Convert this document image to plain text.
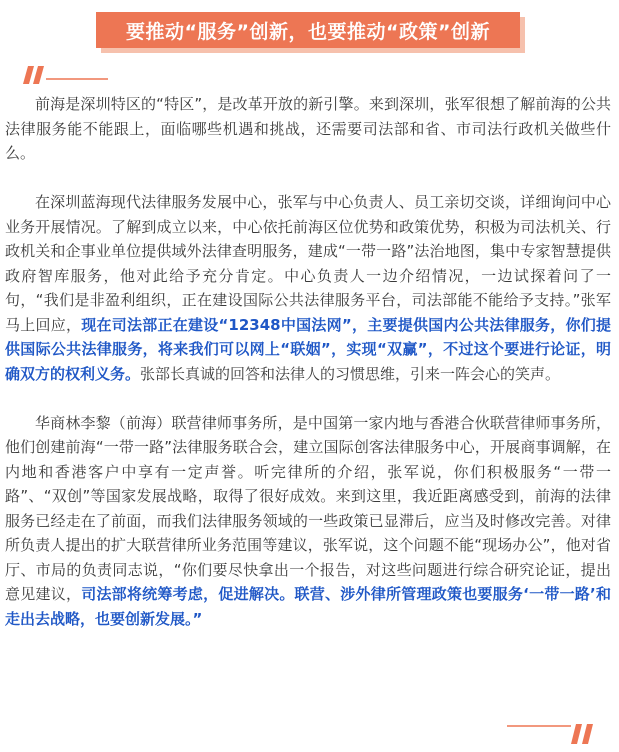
要推动“服务”创新，也要推动“政策”创新

前海是深圳特区的“特区”，是改革开放的新引擎。来到深圳，张军很想了解前海的公共法律服务能不能跟上，面临哪些机遇和挑战，还需要司法部和省、市司法行政机关做些什么。

在深圳蓝海现代法律服务发展中心，张军与中心负责人、员工亲切交谈，详细询问中心业务开展情况。了解到成立以来，中心依托前海区位优势和政策优势，积极为司法机关、行政机关和企事业单位提供域外法律查明服务，建成“一带一路”法治地图，集中专家智慧提供政府智库服务，他对此给予充分肯定。中心负责人一边介绍情况，一边试探着问了一句，“我们是非盈利组织，正在建设国际公共法律服务平台，司法部能不能给予支持。”张军马上回应，现在司法部正在建设“12348中国法网”，主要提供国内公共法律服务，你们提供国际公共法律服务，将来我们可以网上“联姻”，实现“双赢”，不过这个要进行论证，明确双方的权利义务。张部长真诚的回答和法律人的习惯思维，引来一阵会心的笑声。

华商林李黎（前海）联营律师事务所，是中国第一家内地与香港合伙联营律师事务所，他们创建前海“一带一路”法律服务联合会，建立国际创客法律服务中心，开展商事调解，在内地和香港客户中享有一定声誉。听完律所的介绍，张军说，你们积极服务“一带一路”、“双创”等国家发展战略，取得了很好成效。来到这里，我近距离感受到，前海的法律服务已经走在了前面，而我们法律服务领域的一些政策已显滞后，应当及时修改完善。对律所负责人提出的扩大联营律所业务范围等建议，张军说，这个问题不能“现场办公”，他对省厅、市局的负责同志说，“你们要尽快拿出一个报告，对这些问题进行综合研究论证，提出意见建议，司法部将统筹考虑，促进解决。联营、涉外律所管理政策也要服务‘一带一路’和走出去战略，也要创新发展。”
